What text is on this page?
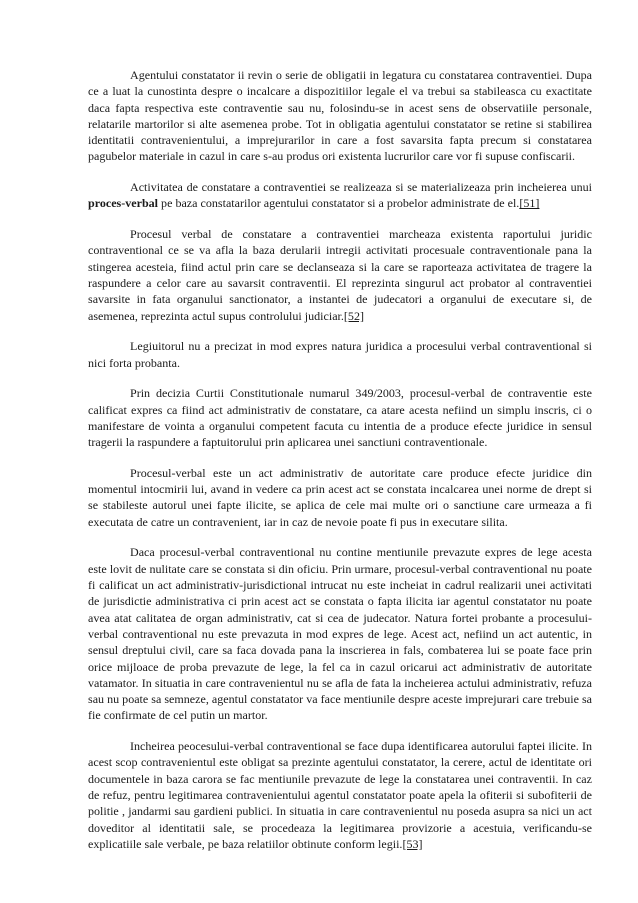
Agentului constatator ii revin o serie de obligatii in legatura cu constatarea contraventiei. Dupa ce a luat la cunostinta despre o incalcare a dispozitiilor legale el va trebui sa stabileasca cu exactitate daca fapta respectiva este contraventie sau nu, folosindu-se in acest sens de observatiile personale, relatarile martorilor si alte asemenea probe. Tot in obligatia agentului constatator se retine si stabilirea identitatii contravenientului, a imprejurarilor in care a fost savarsita fapta precum si constatarea pagubelor materiale in cazul in care s-au produs ori existenta lucrurilor care vor fi supuse confiscarii.

Activitatea de constatare a contraventiei se realizeaza si se materializeaza prin incheierea unui proces-verbal pe baza constatarilor agentului constatator si a probelor administrate de el.[51]

Procesul verbal de constatare a contraventiei marcheaza existenta raportului juridic contraventional ce se va afla la baza derularii intregii activitati procesuale contraventionale pana la stingerea acesteia, fiind actul prin care se declanseaza si la care se raporteaza activitatea de tragere la raspundere a celor care au savarsit contraventii. El reprezinta singurul act probator al contraventiei savarsite in fata organului sanctionator, a instantei de judecatori a organului de executare si, de asemenea, reprezinta actul supus controlului judiciar.[52]

Legiuitorul nu a precizat in mod expres natura juridica a procesului verbal contraventional si nici forta probanta.

Prin decizia Curtii Constitutionale numarul 349/2003, procesul-verbal de contraventie este calificat expres ca fiind act administrativ de constatare, ca atare acesta nefiind un simplu inscris, ci o manifestare de vointa a organului competent facuta cu intentia de a produce efecte juridice in sensul tragerii la raspundere a faptuitorului prin aplicarea unei sanctiuni contraventionale.

Procesul-verbal este un act administrativ de autoritate care produce efecte juridice din momentul intocmirii lui, avand in vedere ca prin acest act se constata incalcarea unei norme de drept si se stabileste autorul unei fapte ilicite, se aplica de cele mai multe ori o sanctiune care urmeaza a fi executata de catre un contravenient, iar in caz de nevoie poate fi pus in executare silita.

Daca procesul-verbal contraventional nu contine mentiunile prevazute expres de lege acesta este lovit de nulitate care se constata si din oficiu. Prin urmare, procesul-verbal contraventional nu poate fi calificat un act administrativ-jurisdictional intrucat nu este incheiat in cadrul realizarii unei activitati de jurisdictie administrativa ci prin acest act se constata o fapta ilicita iar agentul constatator nu poate avea atat calitatea de organ administrativ, cat si cea de judecator. Natura fortei probante a procesului-verbal contraventional nu este prevazuta in mod expres de lege. Acest act, nefiind un act autentic, in sensul dreptului civil, care sa faca dovada pana la inscrierea in fals, combaterea lui se poate face prin orice mijloace de proba prevazute de lege, la fel ca in cazul oricarui act administrativ de autoritate vatamator. In situatia in care contravenientul nu se afla de fata la incheierea actului administrativ, refuza sau nu poate sa semneze, agentul constatator va face mentiunile despre aceste imprejurari care trebuie sa fie confirmate de cel putin un martor.

Incheirea peocesului-verbal contraventional se face dupa identificarea autorului faptei ilicite. In acest scop contravenientul este obligat sa prezinte agentului constatator, la cerere, actul de identitate ori documentele in baza carora se fac mentiunile prevazute de lege la constatarea unei contraventii. In caz de refuz, pentru legitimarea contravenientului agentul constatator poate apela la ofiterii si subofiterii de politie , jandarmi sau gardieni publici. In situatia in care contravenientul nu poseda asupra sa nici un act doveditor al identitatii sale, se procedeaza la legitimarea provizorie a acestuia, verificandu-se explicatiile sale verbale, pe baza relatiilor obtinute conform legii.[53]
